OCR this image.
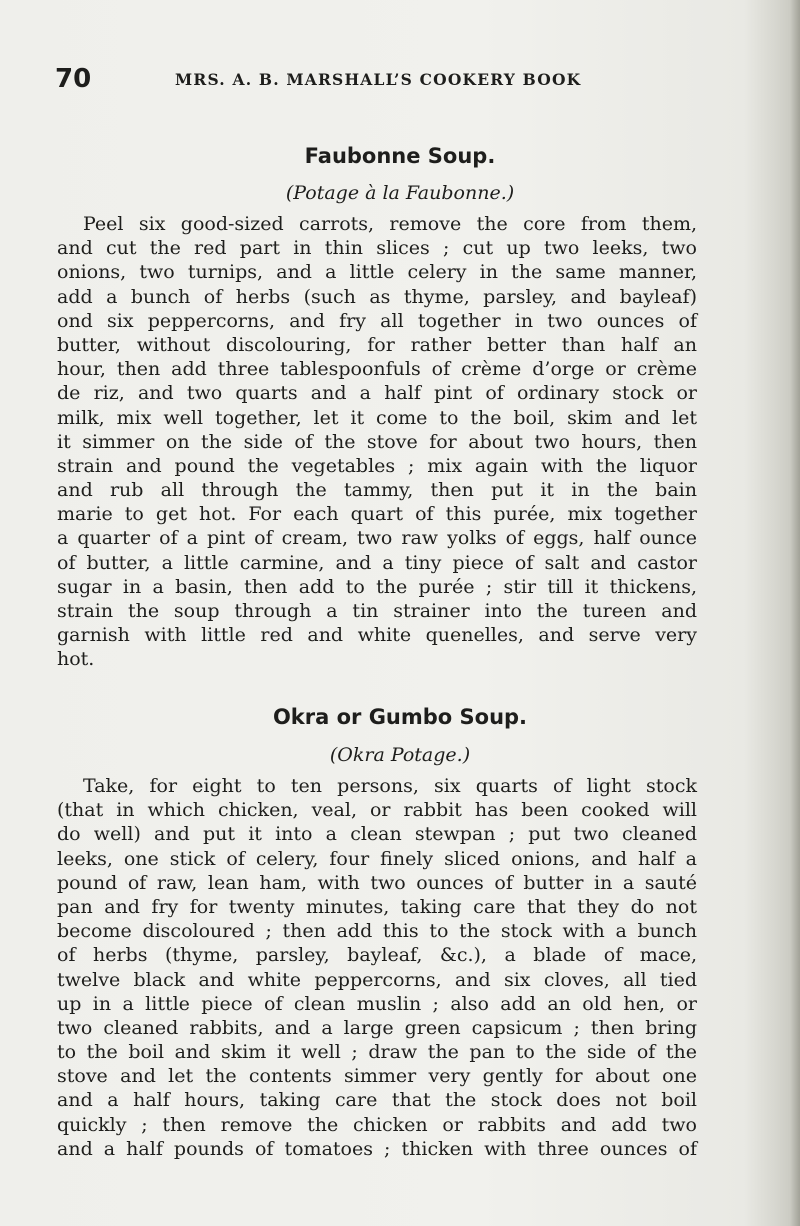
70	MRS. A. B. MARSHALL’S COOKERY BOOK
Faubonne Soup.
(Potage à la Faubonne.)
Peel six good-sized carrots, remove the core from them,
and cut the red part in thin slices ; cut up two leeks, two
onions, two turnips, and a little celery in the same manner,
add a bunch of herbs (such as thyme, parsley, and bayleaf)
ond six peppercorns, and fry all together in two ounces of
butter, without discolouring, for rather better than half an
hour, then add three tablespoonfuls of crème d’orge or crème
de riz, and two quarts and a half pint of ordinary stock or
milk, mix well together, let it come to the boil, skim and let
it simmer on the side of the stove for about two hours, then
strain and pound the vegetables ; mix again with the liquor
and rub all through the tammy, then put it in the bain
marie to get hot. For each quart of this purée, mix together
a quarter of a pint of cream, two raw yolks of eggs, half ounce
of butter, a little carmine, and a tiny piece of salt and castor
sugar in a basin, then add to the purée ; stir till it thickens,
strain the soup through a tin strainer into the tureen and
garnish with little red and white quenelles, and serve very
hot.
Okra or Gumbo Soup.
(Okra Potage.)
Take, for eight to ten persons, six quarts of light stock
(that in which chicken, veal, or rabbit has been cooked will
do well) and put it into a clean stewpan ; put two cleaned
leeks, one stick of celery, four finely sliced onions, and half a
pound of raw, lean ham, with two ounces of butter in a sauté
pan and fry for twenty minutes, taking care that they do not
become discoloured ; then add this to the stock with a bunch
of herbs (thyme, parsley, bayleaf, &c.), a blade of mace,
twelve black and white peppercorns, and six cloves, all tied
up in a little piece of clean muslin ; also add an old hen, or
two cleaned rabbits, and a large green capsicum ; then bring
to the boil and skim it well ; draw the pan to the side of the
stove and let the contents simmer very gently for about one
and a half hours, taking care that the stock does not boil
quickly ; then remove the chicken or rabbits and add two
and a half pounds of tomatoes ; thicken with three ounces of
